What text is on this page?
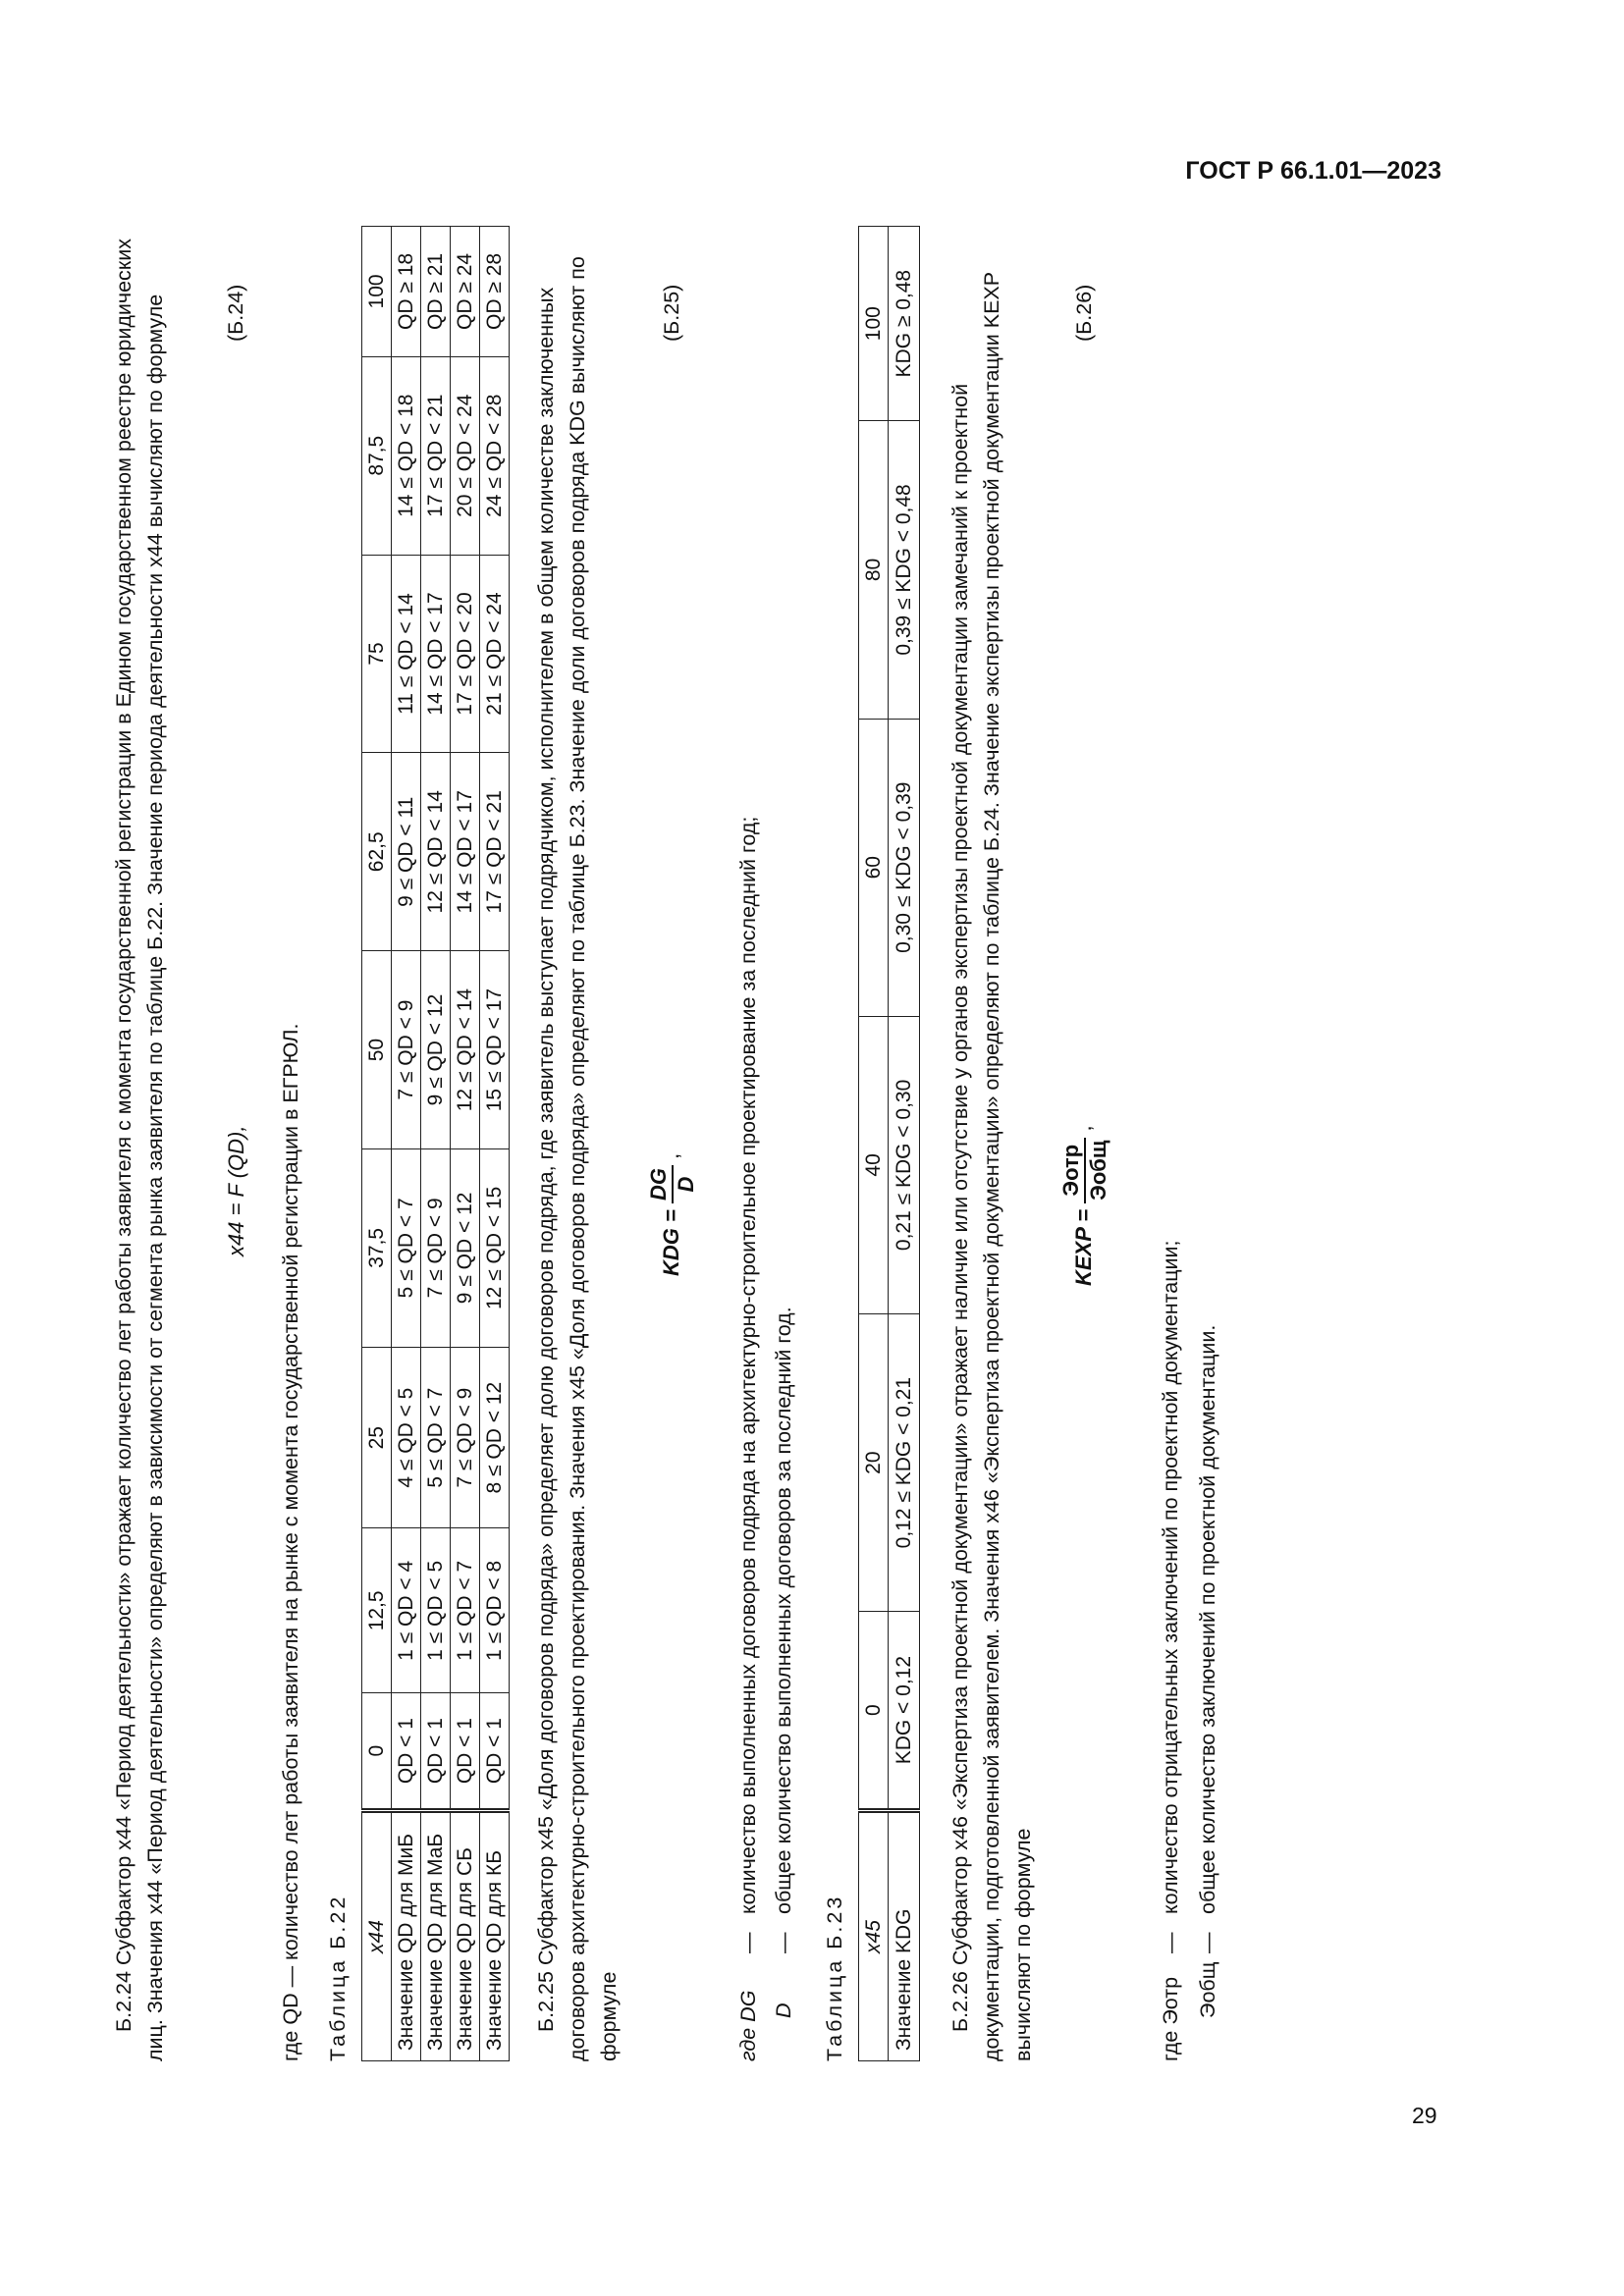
ГОСТ Р 66.1.01—2023
29

Б.2.24 Субфактор x44 «Период деятельности» отражает количество лет работы заявителя с момента государственной регистрации в Едином государственном реестре юридических лиц. Значения x44 «Период деятельности» определяют в зависимости от сегмента рынка заявителя по таблице Б.22. Значение периода деятельности x44 вычисляют по формуле	x44 = F (QD),
(Б.24)

где QD — количество лет работы заявителя на рынке с момента государственной регистрации в ЕГРЮЛ. Таблица Б.22 x44	0	12,5	25	37,5	50	62,5	75	87,5	100
Значение QD для МиБ	QD < 1	1 ≤ QD < 4	4 ≤ QD < 5	5 ≤ QD < 7	7 ≤ QD < 9	9 ≤ QD < 11	11 ≤ QD < 14	14 ≤ QD < 18	QD ≥ 18
Значение QD для МаБ	QD < 1	1 ≤ QD < 5	5 ≤ QD < 7	7 ≤ QD < 9	9 ≤ QD < 12	12 ≤ QD < 14	14 ≤ QD < 17	17 ≤ QD < 21	QD ≥ 21
Значение QD для СБ	QD < 1	1 ≤ QD < 7	7 ≤ QD < 9	9 ≤ QD < 12	12 ≤ QD < 14	14 ≤ QD < 17	17 ≤ QD < 20	20 ≤ QD < 24	QD ≥ 24
Значение QD для КБ	QD < 1	1 ≤ QD < 8	8 ≤ QD < 12	12 ≤ QD < 15	15 ≤ QD < 17	17 ≤ QD < 21	21 ≤ QD < 24	24 ≤ QD < 28	QD ≥ 28 Б.2.25 Субфактор x45 «Доля договоров подряда» определяет долю договоров подряда, где заявитель выступает подрядчиком, исполнителем в общем количестве заключенных договоров архитектурно-строительного проектирования. Значения x45 «Доля договоров подряда» определяют по таблице Б.23. Значение доли договоров подряда KDG вычисляют по формуле

KDG =
DG D
,
(Б.25)
где DG—количество выполненных договоров подряда на архитектурно-строительное проектирование за последний год;
D—общее количество выполненных договоров за последний год.
Таблица Б.23 x45	0	20	40	60	80	100
Значение KDG	KDG < 0,12	0,12 ≤ KDG < 0,21	0,21 ≤ KDG < 0,30	0,30 ≤ KDG < 0,39	0,39 ≤ KDG < 0,48	KDG ≥ 0,48

Б.2.26 Субфактор x46 «Экспертиза проектной документации» отражает наличие или отсутствие у органов экспертизы проектной документации замечаний к проектной документации, подготовленной заявителем. Значения x46 «Экспертиза проектной документации» определяют по таблице Б.24. Значение экспертизы проектной документации KEXP вычисляют по формуле

KEXP =
Эотр Эобщ
,
(Б.26)
где Эотр—количество отрицательных заключений по проектной документации;
Эобщ—общее количество заключений по проектной документации.
